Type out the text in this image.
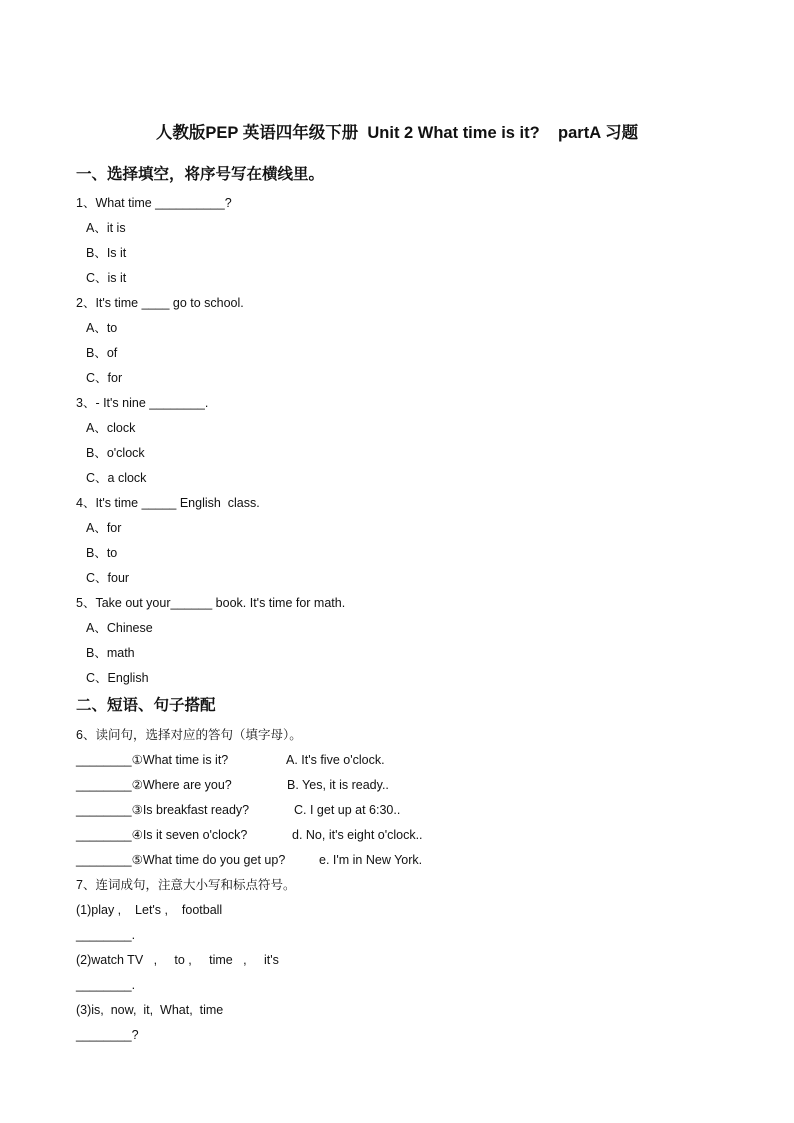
人教版PEP 英语四年级下册  Unit 2 What time is it?    partA 习题
一、选择填空，将序号写在横线里。
1、What time __________?
A、it is
B、Is it
C、is it
2、It's time ____ go to school.
A、to
B、of
C、for
3、- It's nine ________.
A、clock
B、o'clock
C、a clock
4、It's time _____ English  class.
A、for
B、to
C、four
5、Take out your______ book. It's time for math.
A、Chinese
B、math
C、English
二、短语、句子搭配
6、读问句，选择对应的答句（填字母）。
________①What time is it?	A. It's five o'clock.
________②Where are you?	B. Yes, it is ready..
________③Is breakfast ready?	C. I get up at 6:30..
________④Is it seven o'clock?	d. No, it's eight o'clock..
________⑤What time do you get up?	e. I'm in New York.
7、连词成句，注意大小写和标点符号。
(1)play ,    Let's ,    football
________.
(2)watch TV   ,     to ,     time   ,     it's
________.
(3)is,  now,  it,  What,  time
________?
